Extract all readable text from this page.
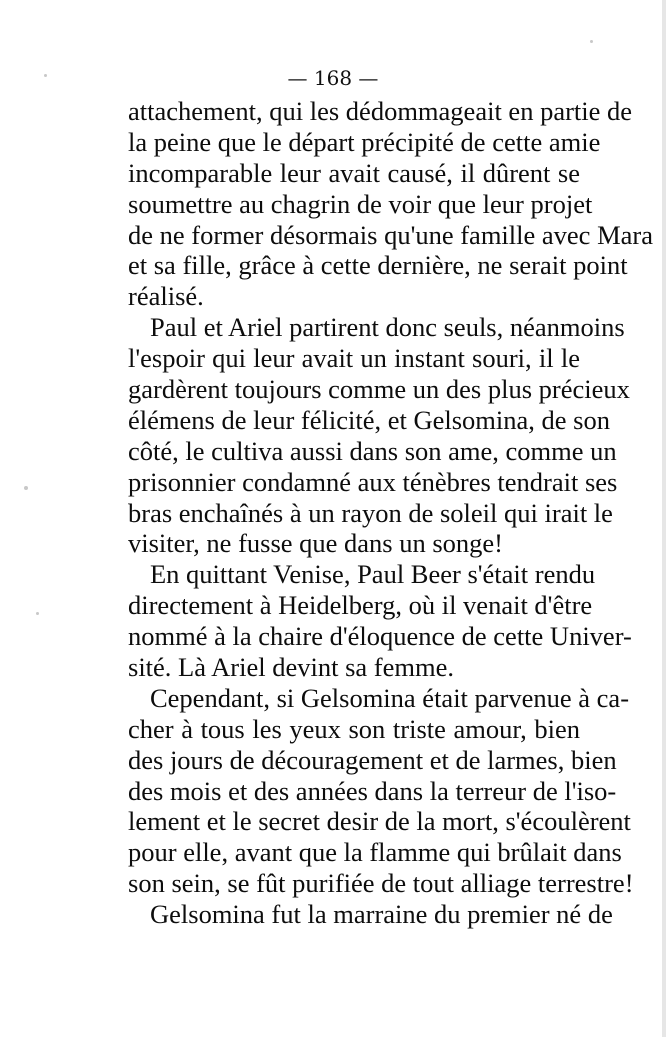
— 168 —

attachement, qui les dédommageait en partie de
la peine que le départ précipité de cette amie
incomparable leur avait causé, il dûrent se
soumettre au chagrin de voir que leur projet
de ne former désormais qu'une famille avec Mara
et sa fille, grâce à cette dernière, ne serait point
réalisé.
Paul et Ariel partirent donc seuls, néanmoins
l'espoir qui leur avait un instant souri, il le
gardèrent toujours comme un des plus précieux
élémens de leur félicité, et Gelsomina, de son
côté, le cultiva aussi dans son ame, comme un
prisonnier condamné aux ténèbres tendrait ses
bras enchaînés à un rayon de soleil qui irait le
visiter, ne fusse que dans un songe!
En quittant Venise, Paul Beer s'était rendu
directement à Heidelberg, où il venait d'être
nommé à la chaire d'éloquence de cette Univer-
sité. Là Ariel devint sa femme.
Cependant, si Gelsomina était parvenue à ca-
cher à tous les yeux son triste amour, bien
des jours de découragement et de larmes, bien
des mois et des années dans la terreur de l'iso-
lement et le secret desir de la mort, s'écoulèrent
pour elle, avant que la flamme qui brûlait dans
son sein, se fût purifiée de tout alliage terrestre!
Gelsomina fut la marraine du premier né de
